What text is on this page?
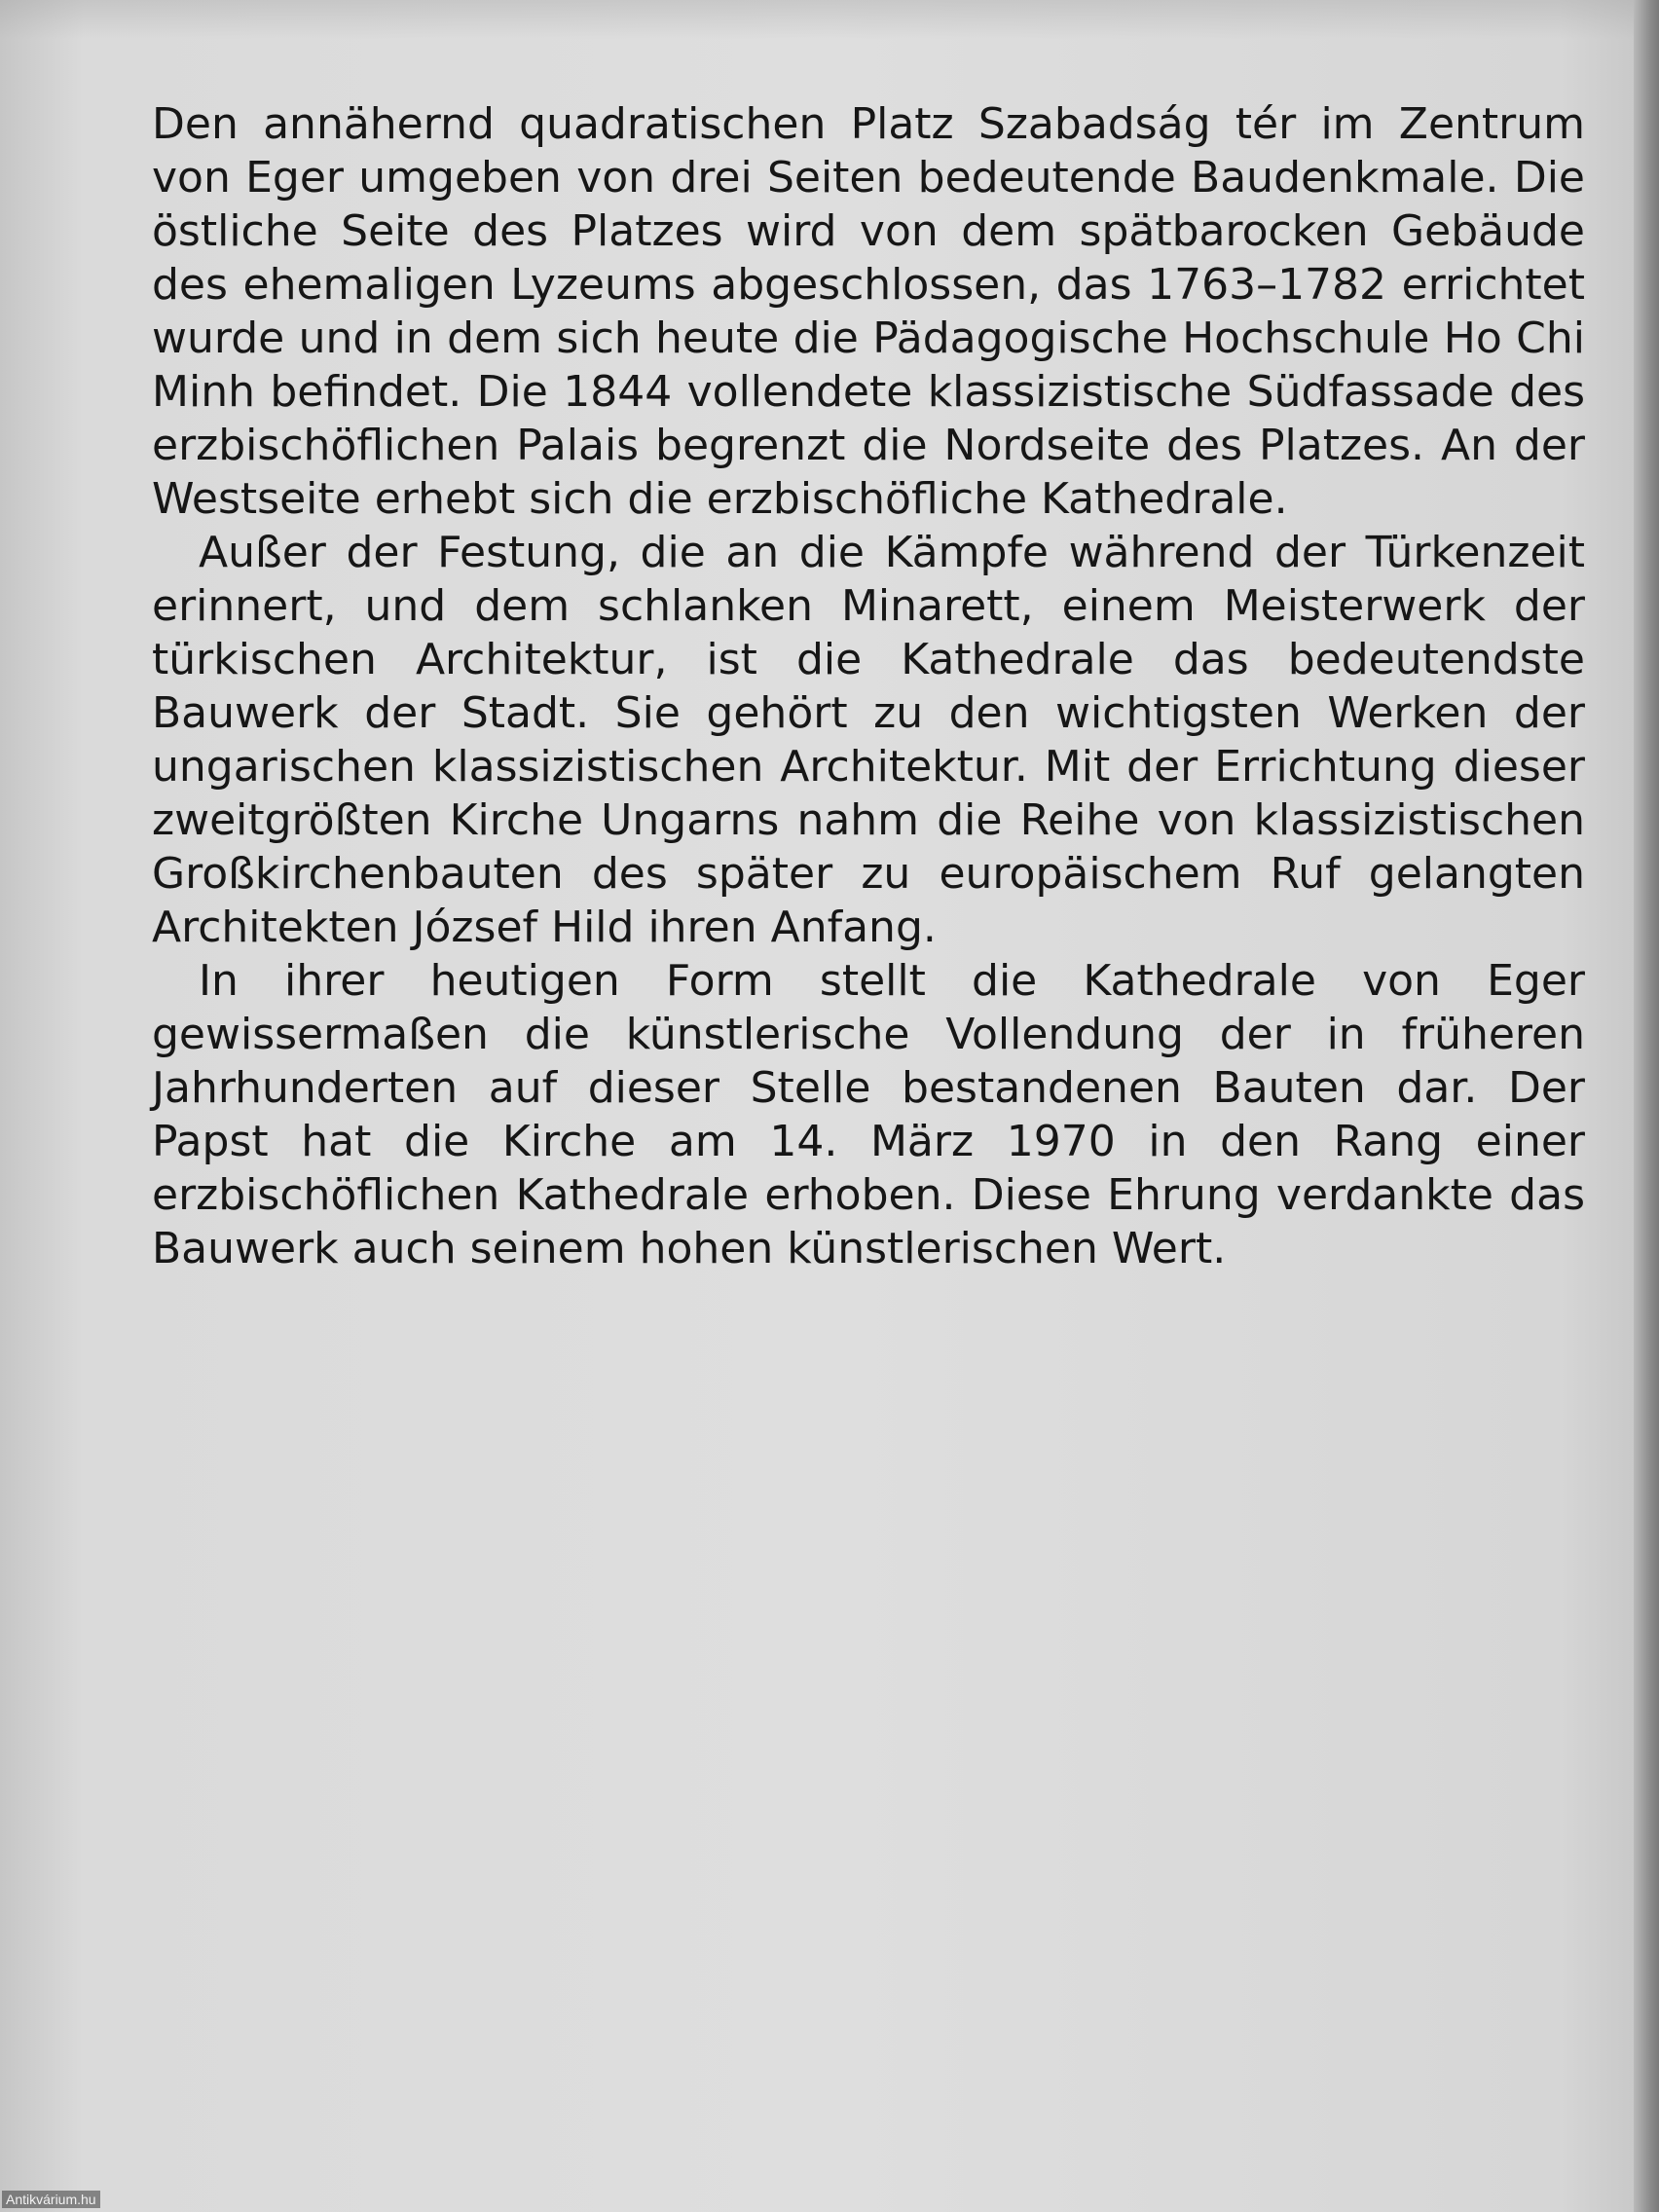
Den annähernd quadratischen Platz Szabadság tér im Zentrum von Eger umgeben von drei Seiten bedeutende Baudenkmale. Die östliche Seite des Platzes wird von dem spätbarocken Gebäude des ehemaligen Lyzeums abgeschlossen, das 1763–1782 errichtet wurde und in dem sich heute die Pädagogische Hochschule Ho Chi Minh befindet. Die 1844 vollendete klassizistische Südfassade des erzbischöflichen Palais begrenzt die Nordseite des Platzes. An der Westseite erhebt sich die erzbischöfliche Kathedrale.

Außer der Festung, die an die Kämpfe während der Türkenzeit erinnert, und dem schlanken Minarett, einem Meisterwerk der türkischen Architektur, ist die Kathedrale das bedeutendste Bauwerk der Stadt. Sie gehört zu den wichtigsten Werken der ungarischen klassizistischen Architektur. Mit der Errichtung dieser zweitgrößten Kirche Ungarns nahm die Reihe von klassizistischen Großkirchenbauten des später zu europäischem Ruf gelangten Architekten József Hild ihren Anfang.

In ihrer heutigen Form stellt die Kathedrale von Eger gewissermaßen die künstlerische Vollendung der in früheren Jahrhunderten auf dieser Stelle bestandenen Bauten dar. Der Papst hat die Kirche am 14. März 1970 in den Rang einer erzbischöflichen Kathedrale erhoben. Diese Ehrung verdankte das Bauwerk auch seinem hohen künstlerischen Wert.

Antikvárium.hu
